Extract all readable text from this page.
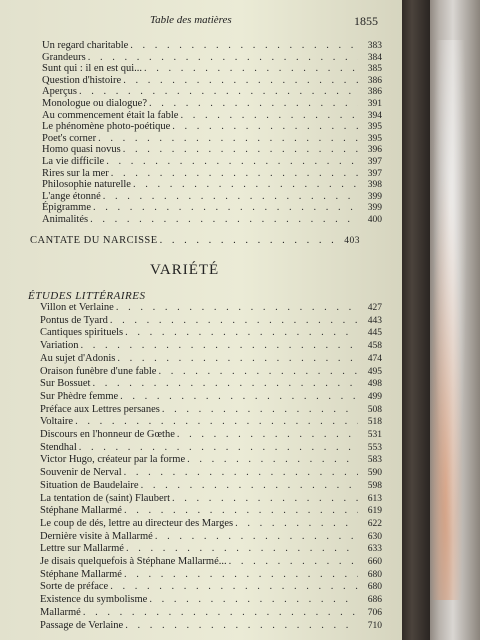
Table des matières	1855
Un regard charitable . . .	383
Grandeurs . . .	384
Sunt qui : il en est qui... . . .	385
Question d'histoire . . .	386
Aperçus . . .	386
Monologue ou dialogue? . . .	391
Au commencement était la fable . . .	394
Le phénomène photo-poétique . . .	395
Poet's corner . . .	395
Homo quasi novus . . .	396
La vie difficile . . .	397
Rires sur la mer . . .	397
Philosophie naturelle . . .	398
L'ange étonné . . .	399
Épigramme . . .	399
Animalités . . .	400
CANTATE DU NARCISSE . . .	403
VARIÉTÉ
ÉTUDES LITTÉRAIRES
Villon et Verlaine . . .	427
Pontus de Tyard . . .	443
Cantiques spirituels . . .	445
Variation . . .	458
Au sujet d'Adonis . . .	474
Oraison funèbre d'une fable . . .	495
Sur Bossuet . . .	498
Sur Phèdre femme . . .	499
Préface aux Lettres persanes . . .	508
Voltaire . . .	518
Discours en l'honneur de Gœthe . . .	531
Stendhal . . .	553
Victor Hugo, créateur par la forme . . .	583
Souvenir de Nerval . . .	590
Situation de Baudelaire . . .	598
La tentation de (saint) Flaubert . . .	613
Stéphane Mallarmé . . .	619
Le coup de dés, lettre au directeur des Marges . . .	622
Dernière visite à Mallarmé . . .	630
Lettre sur Mallarmé . . .	633
Je disais quelquefois à Stéphane Mallarmé... . . .	660
Stéphane Mallarmé . . .	680
Sorte de préface . . .	680
Existence du symbolisme . . .	686
Mallarmé . . .	706
Passage de Verlaine . . .	710
